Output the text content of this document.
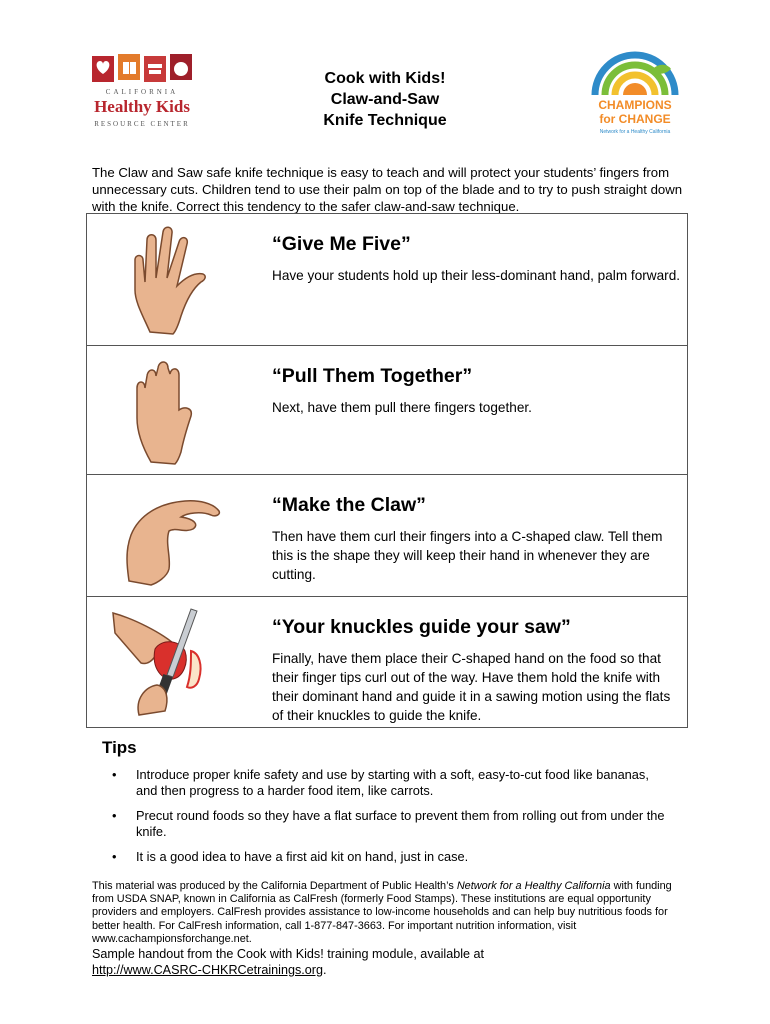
CALIFORNIA
Healthy Kids
RESOURCE CENTER
Cook with Kids!
Claw-and-Saw
Knife Technique
CHAMPIONS
for CHANGE
Network for a Healthy California
The Claw and Saw safe knife technique is easy to teach and will protect your students’ fingers from unnecessary cuts. Children tend to use their palm on top of the blade and to try to push straight down with the knife. Correct this tendency to the safer claw-and-saw technique.

“Give Me Five”

Have your students hold up their less-dominant hand, palm forward.

“Pull Them Together”

Next, have them pull there fingers together.

“Make the Claw”

Then have them curl their fingers into a C-shaped claw. Tell them this is the shape they will keep their hand in whenever they are cutting.

“Your knuckles guide your saw”

Finally, have them place their C-shaped hand on the food so that their finger tips curl out of the way. Have them hold the knife with their dominant hand and guide it in a sawing motion using the flats of their knuckles to guide the knife.

Tips
• Introduce proper knife safety and use by starting with a soft, easy-to-cut food like bananas, and then progress to a harder food item, like carrots.
• Precut round foods so they have a flat surface to prevent them from rolling out from under the knife.
• It is a good idea to have a first aid kit on hand, just in case.
This material was produced by the California Department of Public Health’s Network for a Healthy California with funding from USDA SNAP, known in California as CalFresh (formerly Food Stamps). These institutions are equal opportunity providers and employers. CalFresh provides assistance to low-income households and can help buy nutritious foods for better health. For CalFresh information, call 1-877-847-3663. For important nutrition information, visit www.cachampionsforchange.net.
Sample handout from the Cook with Kids! training module, available at
http://www.CASRC-CHKRCetrainings.org.
